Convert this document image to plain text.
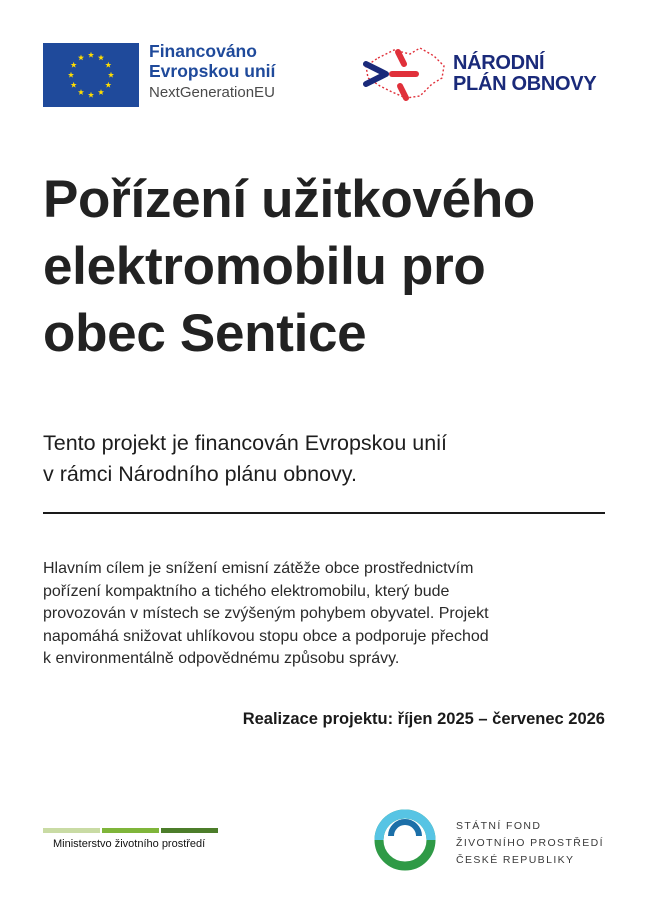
Financováno
Evropskou unií
NextGenerationEU
NÁRODNÍ
PLÁN OBNOVY
Pořízení užitkového
elektromobilu pro
obec Sentice

Tento projekt je financován Evropskou unií
v rámci Národního plánu obnovy.

Hlavním cílem je snížení emisní zátěže obce prostřednictvím
pořízení kompaktního a tichého elektromobilu, který bude
provozován v místech se zvýšeným pohybem obyvatel. Projekt
napomáhá snižovat uhlíkovou stopu obce a podporuje přechod
k environmentálně odpovědnému způsobu správy.

Realizace projektu: říjen 2025 – červenec 2026

Ministerstvo životního prostředí
STÁTNÍ FOND
ŽIVOTNÍHO PROSTŘEDÍ
ČESKÉ REPUBLIKY
